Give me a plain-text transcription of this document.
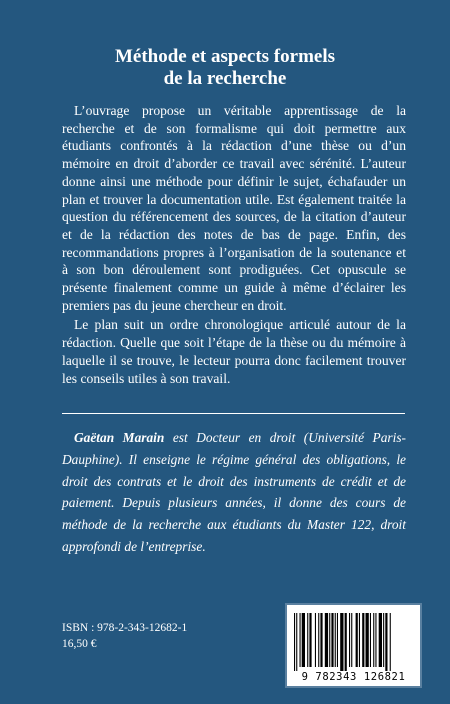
Méthode et aspects formels
de la recherche

L’ouvrage propose un véritable apprentissage de la recherche et de son formalisme qui doit permettre aux étudiants confrontés à la rédaction d’une thèse ou d’un mémoire en droit d’aborder ce travail avec sérénité. L’auteur donne ainsi une méthode pour définir le sujet, échafauder un plan et trouver la documentation utile. Est également traitée la question du référencement des sources, de la citation d’auteur et de la rédaction des notes de bas de page. Enfin, des recommandations propres à l’organisation de la soutenance et à son bon déroulement sont prodiguées. Cet opuscule se présente finalement comme un guide à même d’éclairer les premiers pas du jeune chercheur en droit.

Le plan suit un ordre chronologique articulé autour de la rédaction. Quelle que soit l’étape de la thèse ou du mémoire à laquelle il se trouve, le lecteur pourra donc facilement trouver les conseils utiles à son travail.

Gaëtan Marain est Docteur en droit (Université Paris-Dauphine). Il enseigne le régime général des obligations, le droit des contrats et le droit des instruments de crédit et de paiement. Depuis plusieurs années, il donne des cours de méthode de la recherche aux étudiants du Master 122, droit approfondi de l’entreprise.

ISBN : 978-2-343-12682-1
16,50 €
9 782343 126821
